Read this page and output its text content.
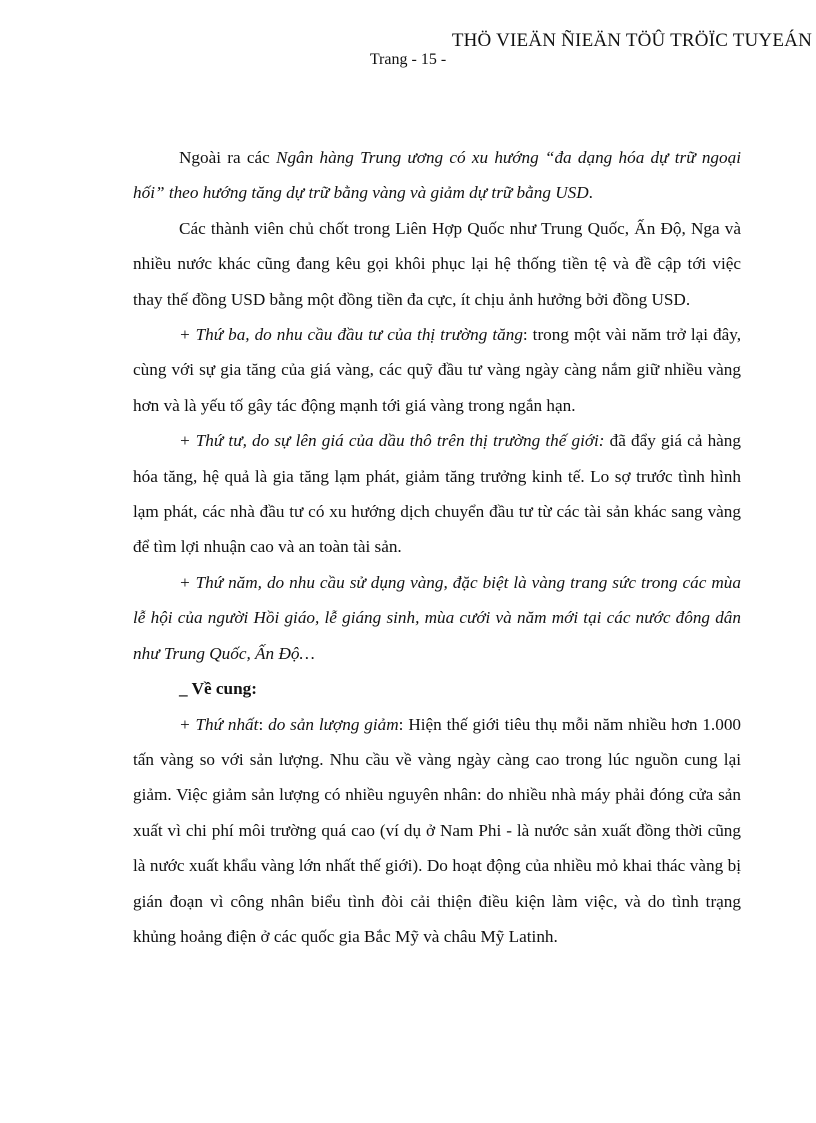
THÖ VIEÄN ÑIEÄN TÖÛ TRÖÏC TUYEÁN
Trang - 15 -

Ngoài ra các Ngân hàng Trung ương có xu hướng “đa dạng hóa dự trữ ngoại hối” theo hướng tăng dự trữ bằng vàng và giảm dự trữ bằng USD.

Các thành viên chủ chốt trong Liên Hợp Quốc như Trung Quốc, Ấn Độ, Nga và nhiều nước khác cũng đang kêu gọi khôi phục lại hệ thống tiền tệ và đề cập tới việc thay thế đồng USD bằng một đồng tiền đa cực, ít chịu ảnh hưởng bởi đồng USD.

+ Thứ ba, do nhu cầu đầu tư của thị trường tăng: trong một vài năm trở lại đây, cùng với sự gia tăng của giá vàng, các quỹ đầu tư vàng ngày càng nắm giữ nhiều vàng hơn và là yếu tố gây tác động mạnh tới giá vàng trong ngắn hạn.

+ Thứ tư, do sự lên giá của dầu thô trên thị trường thế giới: đã đẩy giá cả hàng hóa tăng, hệ quả là gia tăng lạm phát, giảm tăng trưởng kinh tế. Lo sợ trước tình hình lạm phát, các nhà đầu tư có xu hướng dịch chuyển đầu tư từ các tài sản khác sang vàng để tìm lợi nhuận cao và an toàn tài sản.

+ Thứ năm, do nhu cầu sử dụng vàng, đặc biệt là vàng trang sức trong các mùa lễ hội của người Hồi giáo, lễ giáng sinh, mùa cưới và năm mới tại các nước đông dân như Trung Quốc, Ấn Độ…

_ Về cung:

+ Thứ nhất: do sản lượng giảm: Hiện thế giới tiêu thụ mỗi năm nhiều hơn 1.000 tấn vàng so với sản lượng. Nhu cầu về vàng ngày càng cao trong lúc nguồn cung lại giảm. Việc giảm sản lượng có nhiều nguyên nhân: do nhiều nhà máy phải đóng cửa sản xuất vì chi phí môi trường quá cao (ví dụ ở Nam Phi - là nước sản xuất đồng thời cũng là nước xuất khẩu vàng lớn nhất thế giới). Do hoạt động của nhiều mỏ khai thác vàng bị gián đoạn vì công nhân biểu tình đòi cải thiện điều kiện làm việc, và do tình trạng khủng hoảng điện ở các quốc gia Bắc Mỹ và châu Mỹ Latinh.
